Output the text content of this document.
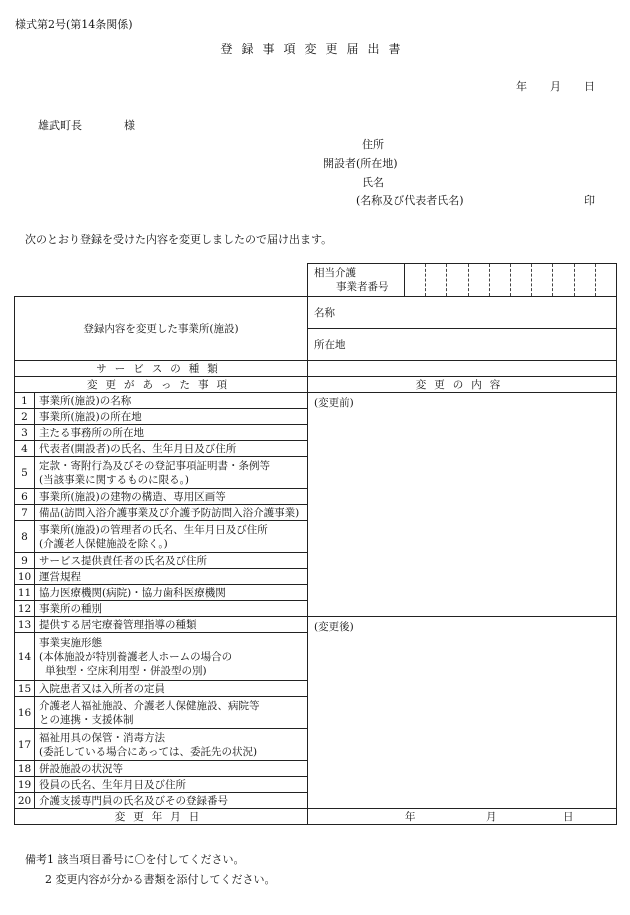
様式第2号(第14条関係)
登録事項変更届出書
年 月 日
雄武町長	様
住所
開設者(所在地)
氏名
(名称及び代表者氏名)	印
次のとおり登録を受けた内容を変更しましたので届け出ます。
相当介護
事業者番号

登録内容を変更した事業所(施設)		名称
		所在地
サービスの種類		
変更があった事項		変更の内容
1	事業所(施設)の名称	(変更前)

2	事業所(施設)の所在地	

3	主たる事務所の所在地	

4	代表者(開設者)の氏名、生年月日及び住所	

5	定款・寄附行為及びその登記事項証明書・条例等
(当該事業に関するものに限る。)	

6	事業所(施設)の建物の構造、専用区画等	

7	備品(訪問入浴介護事業及び介護予防訪問入浴介護事業)	

8	事業所(施設)の管理者の氏名、生年月日及び住所
(介護老人保健施設を除く。)	

9	サービス提供責任者の氏名及び住所	

10	運営規程	

11	協力医療機関(病院)・協力歯科医療機関	

12	事業所の種別	

13	提供する居宅療養管理指導の種類	(変更後)

14	事業実施形態
(本体施設が特別養護老人ホームの場合の
単独型・空床利用型・併設型の別)	

15	入院患者又は入所者の定員	

16	介護老人福祉施設、介護老人保健施設、病院等
との連携・支援体制	

17	福祉用具の保管・消毒方法
(委託している場合にあっては、委託先の状況)	

18	併設施設の状況等	

19	役員の氏名、生年月日及び住所	

20	介護支援専門員の氏名及びその登録番号	

変更年月日		年 月 日
備考1 該当項目番号に〇を付してください。
2 変更内容が分かる書類を添付してください。
